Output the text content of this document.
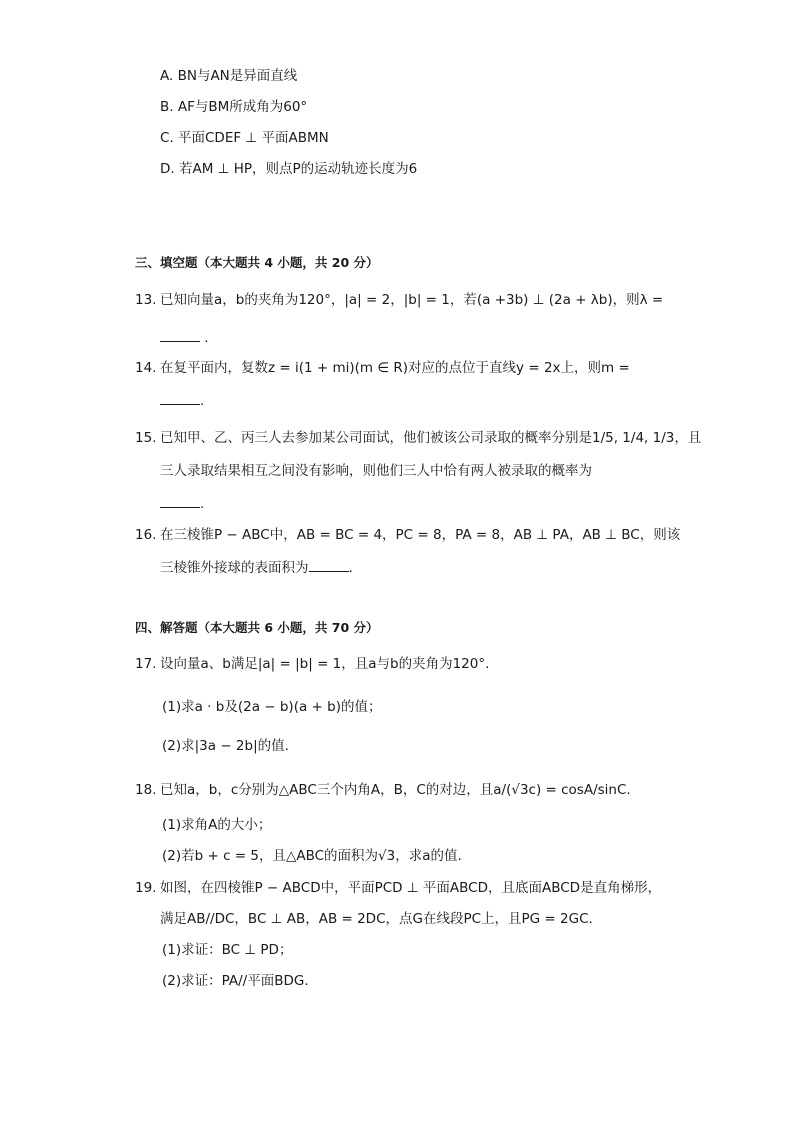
A. BN与AN是异面直线
B. AF与BM所成角为60°
C. 平面CDEF ⊥ 平面ABMN
D. 若AM ⊥ HP，则点P的运动轨迹长度为6
三、填空题（本大题共 4 小题，共 20 分）
13. 已知向量a，b的夹角为120°，|a| = 2，|b| = 1，若(a +3b) ⊥ (2a + λb)，则λ =
.
14. 在复平面内，复数z = i(1 + mi)(m ∈ R)对应的点位于直线y = 2x上，则m =
.
15. 已知甲、乙、丙三人去参加某公司面试，他们被该公司录取的概率分别是1/5, 1/4, 1/3，且
三人录取结果相互之间没有影响，则他们三人中恰有两人被录取的概率为
.
16. 在三棱锥P − ABC中，AB = BC = 4，PC = 8，PA = 8，AB ⊥ PA，AB ⊥ BC，则该
三棱锥外接球的表面积为	.
四、解答题（本大题共 6 小题，共 70 分）
17. 设向量a、b满足|a| = |b| = 1，且a与b的夹角为120°.
(1)求a · b及(2a − b)(a + b)的值；
(2)求|3a − 2b|的值.
18. 已知a，b，c分别为△ABC三个内角A，B，C的对边，且a/(√3c) = cosA/sinC.
(1)求角A的大小；
(2)若b + c = 5，且△ABC的面积为√3，求a的值.
19. 如图，在四棱锥P − ABCD中，平面PCD ⊥ 平面ABCD，且底面ABCD是直角梯形，
满足AB//DC，BC ⊥ AB，AB = 2DC，点G在线段PC上，且PG = 2GC.
(1)求证：BC ⊥ PD；
(2)求证：PA//平面BDG.
